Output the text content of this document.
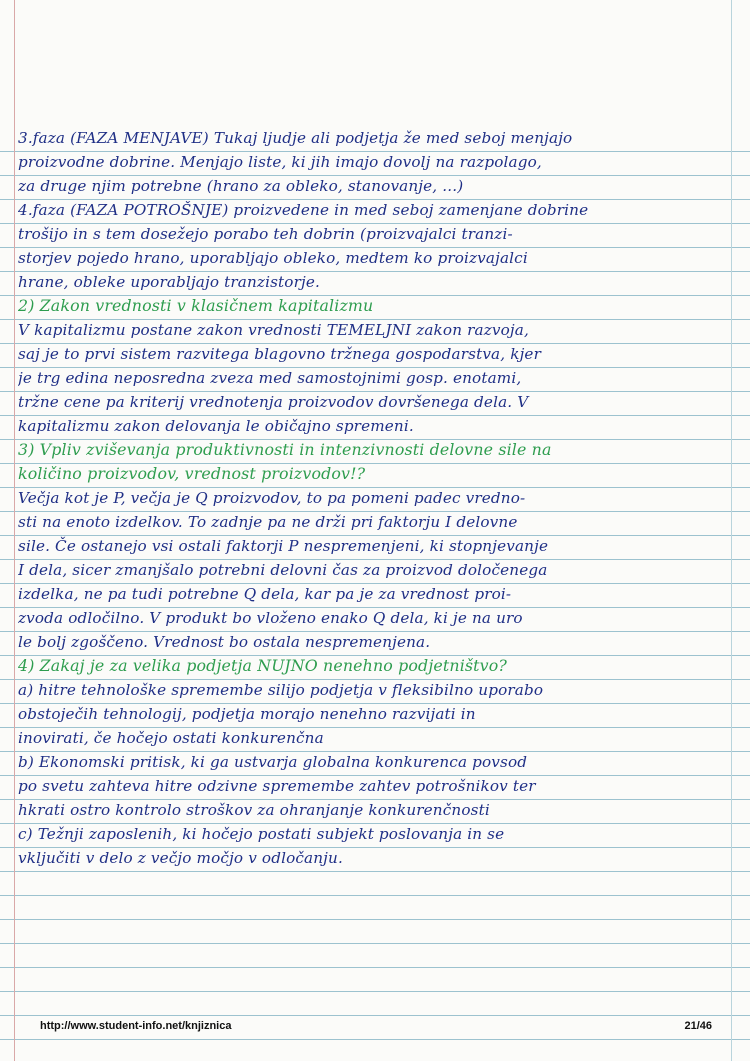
3.faza (FAZA MENJAVE) Tukaj ljudje ali podjetja že med seboj menjajo
proizvodne dobrine. Menjajo liste, ki jih imajo dovolj na razpolago,
za druge njim potrebne (hrano za obleko, stanovanje, ...)
4.faza (FAZA POTROŠNJE) proizvedene in med seboj zamenjane dobrine
trošijo in s tem dosežejo porabo teh dobrin (proizvajalci tranzi-
storjev pojedo hrano, uporabljajo obleko, medtem ko proizvajalci
hrane, obleke uporabljajo tranzistorje.
2) Zakon vrednosti v klasičnem kapitalizmu
V kapitalizmu postane zakon vrednosti TEMELJNI zakon razvoja,
saj je to prvi sistem razvitega blagovno tržnega gospodarstva, kjer
je trg edina neposredna zveza med samostojnimi gosp. enotami,
tržne cene pa kriterij vrednotenja proizvodov dovršenega dela. V
kapitalizmu zakon delovanja le običajno spremeni.
3) Vpliv zviševanja produktivnosti in intenzivnosti delovne sile na
količino proizvodov, vrednost proizvodov!?
Večja kot je P, večja je Q proizvodov, to pa pomeni padec vredno-
sti na enoto izdelkov. To zadnje pa ne drži pri faktorju I delovne
sile. Če ostanejo vsi ostali faktorji P nespremenjeni, ki stopnjevanje
I dela, sicer zmanjšalo potrebni delovni čas za proizvod določenega
izdelka, ne pa tudi potrebne Q dela, kar pa je za vrednost proi-
zvoda odločilno. V produkt bo vloženo enako Q dela, ki je na uro
le bolj zgoščeno. Vrednost bo ostala nespremenjena.
4) Zakaj je za velika podjetja NUJNO nenehno podjetništvo?
a) hitre tehnološke spremembe silijo podjetja v fleksibilno uporabo
obstoječih tehnologij, podjetja morajo nenehno razvijati in
inovirati, če hočejo ostati konkurenčna
b) Ekonomski pritisk, ki ga ustvarja globalna konkurenca povsod
po svetu zahteva hitre odzivne spremembe zahtev potrošnikov ter
hkrati ostro kontrolo stroškov za ohranjanje konkurenčnosti
c) Težnji zaposlenih, ki hočejo postati subjekt poslovanja in se
vključiti v delo z večjo močjo v odločanju.
http://www.student-info.net/knjiznica	21/46
